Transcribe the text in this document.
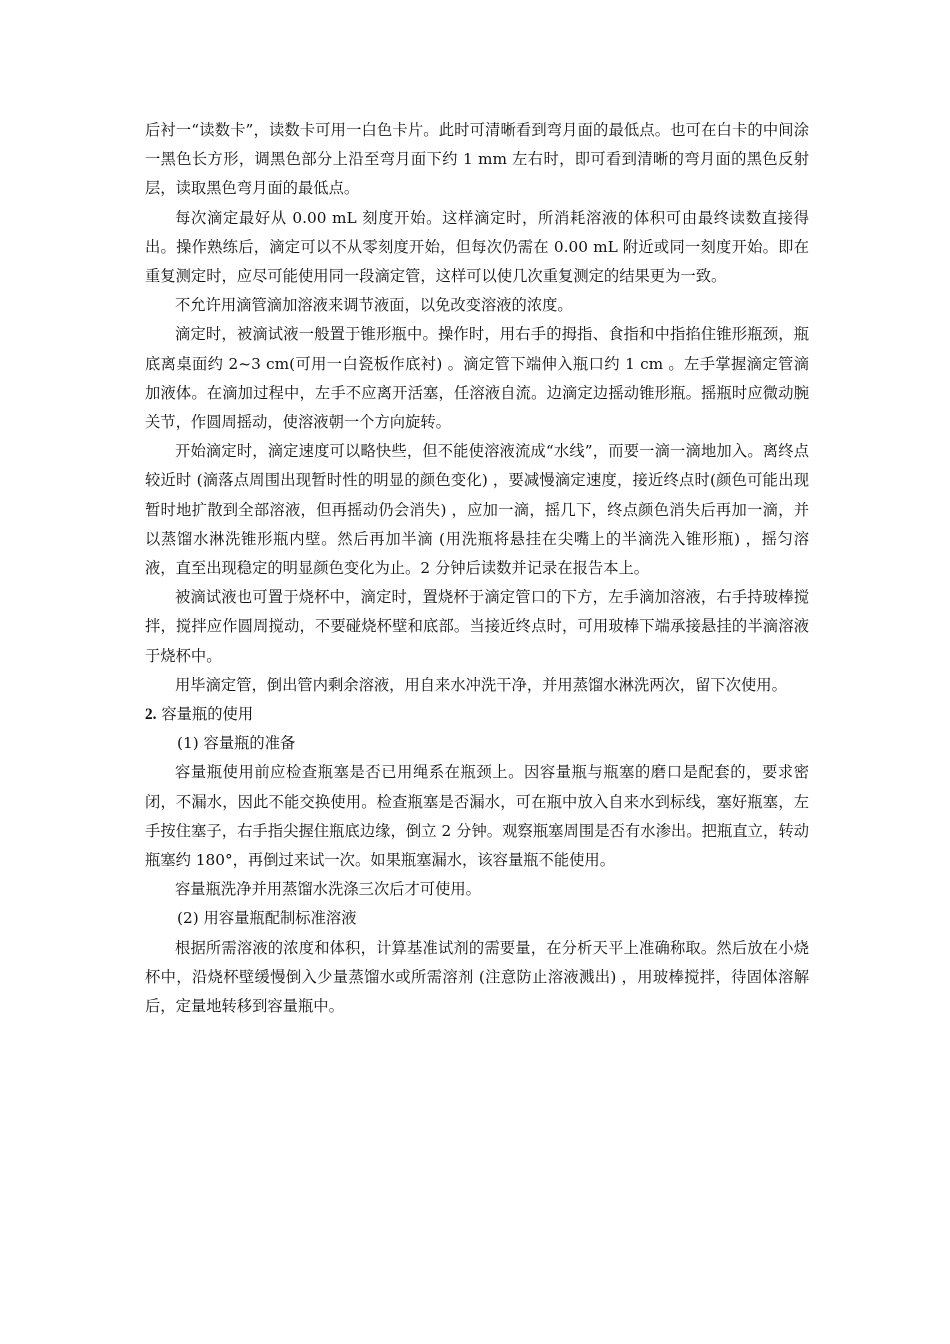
后衬一“读数卡”，读数卡可用一白色卡片。此时可清晰看到弯月面的最低点。也可在白卡的中间涂一黑色长方形，调黑色部分上沿至弯月面下约 1 mm 左右时，即可看到清晰的弯月面的黑色反射层，读取黑色弯月面的最低点。

每次滴定最好从 0.00 mL 刻度开始。这样滴定时，所消耗溶液的体积可由最终读数直接得出。操作熟练后，滴定可以不从零刻度开始，但每次仍需在 0.00 mL 附近或同一刻度开始。即在重复测定时，应尽可能使用同一段滴定管，这样可以使几次重复测定的结果更为一致。

不允许用滴管滴加溶液来调节液面，以免改变溶液的浓度。

滴定时，被滴试液一般置于锥形瓶中。操作时，用右手的拇指、食指和中指掐住锥形瓶颈，瓶底离桌面约 2~3 cm(可用一白瓷板作底衬) 。滴定管下端伸入瓶口约 1 cm 。左手掌握滴定管滴加液体。在滴加过程中，左手不应离开活塞，任溶液自流。边滴定边摇动锥形瓶。摇瓶时应微动腕关节，作圆周摇动，使溶液朝一个方向旋转。

开始滴定时，滴定速度可以略快些，但不能使溶液流成“水线”，而要一滴一滴地加入。离终点较近时 (滴落点周围出现暂时性的明显的颜色变化) ，要减慢滴定速度，接近终点时(颜色可能出现暂时地扩散到全部溶液，但再摇动仍会消失) ，应加一滴，摇几下，终点颜色消失后再加一滴，并以蒸馏水淋洗锥形瓶内壁。然后再加半滴 (用洗瓶将悬挂在尖嘴上的半滴洗入锥形瓶) ，摇匀溶液，直至出现稳定的明显颜色变化为止。2 分钟后读数并记录在报告本上。

被滴试液也可置于烧杯中，滴定时，置烧杯于滴定管口的下方，左手滴加溶液，右手持玻棒搅拌，搅拌应作圆周搅动，不要碰烧杯壁和底部。当接近终点时，可用玻棒下端承接悬挂的半滴溶液于烧杯中。

用毕滴定管，倒出管内剩余溶液，用自来水冲洗干净，并用蒸馏水淋洗两次，留下次使用。

2. 容量瓶的使用

(1) 容量瓶的准备

容量瓶使用前应检查瓶塞是否已用绳系在瓶颈上。因容量瓶与瓶塞的磨口是配套的，要求密闭，不漏水，因此不能交换使用。检查瓶塞是否漏水，可在瓶中放入自来水到标线，塞好瓶塞，左手按住塞子，右手指尖握住瓶底边缘，倒立 2 分钟。观察瓶塞周围是否有水渗出。把瓶直立，转动瓶塞约 180°，再倒过来试一次。如果瓶塞漏水，该容量瓶不能使用。

容量瓶洗净并用蒸馏水洗涤三次后才可使用。

(2) 用容量瓶配制标准溶液

根据所需溶液的浓度和体积，计算基准试剂的需要量，在分析天平上准确称取。然后放在小烧杯中，沿烧杯壁缓慢倒入少量蒸馏水或所需溶剂 (注意防止溶液溅出) ，用玻棒搅拌，待固体溶解后，定量地转移到容量瓶中。
